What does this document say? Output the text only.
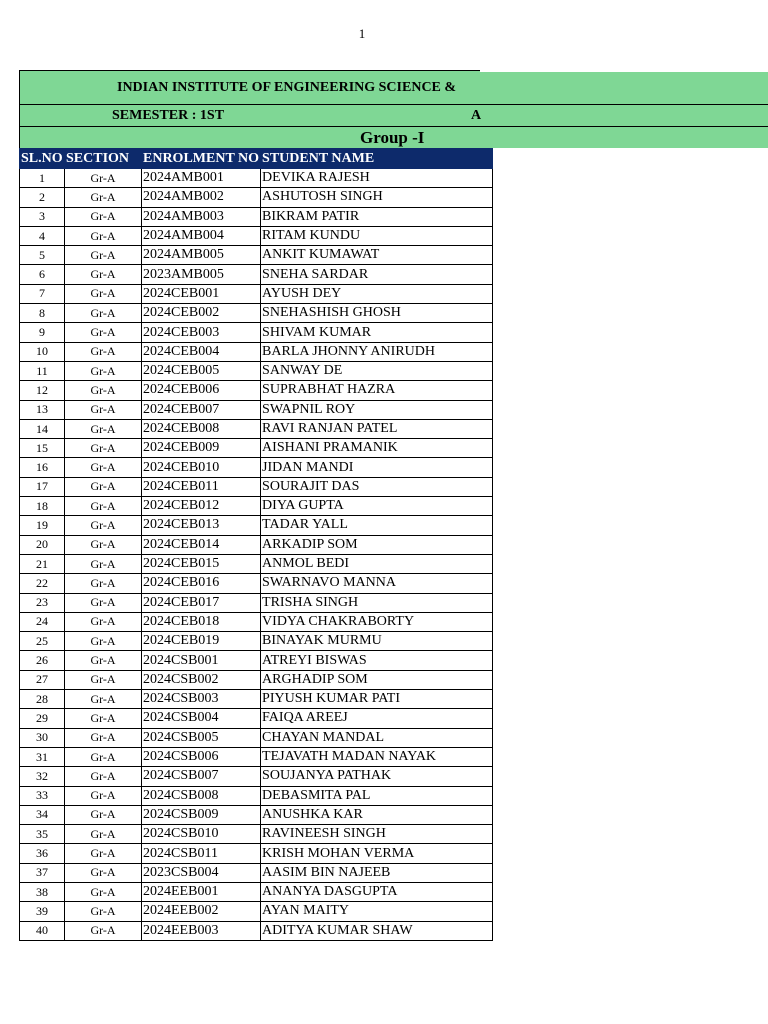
1
INDIAN INSTITUTE OF ENGINEERING SCIENCE &
SEMESTER : 1ST	A
Group -I
SL.NO	SECTION	ENROLMENT NO	STUDENT NAME
1	Gr-A	2024AMB001	DEVIKA RAJESH
2	Gr-A	2024AMB002	ASHUTOSH SINGH
3	Gr-A	2024AMB003	BIKRAM PATIR
4	Gr-A	2024AMB004	RITAM KUNDU
5	Gr-A	2024AMB005	ANKIT KUMAWAT
6	Gr-A	2023AMB005	SNEHA SARDAR
7	Gr-A	2024CEB001	AYUSH DEY
8	Gr-A	2024CEB002	SNEHASHISH GHOSH
9	Gr-A	2024CEB003	SHIVAM KUMAR
10	Gr-A	2024CEB004	BARLA JHONNY ANIRUDH
11	Gr-A	2024CEB005	SANWAY DE
12	Gr-A	2024CEB006	SUPRABHAT HAZRA
13	Gr-A	2024CEB007	SWAPNIL ROY
14	Gr-A	2024CEB008	RAVI RANJAN PATEL
15	Gr-A	2024CEB009	AISHANI PRAMANIK
16	Gr-A	2024CEB010	JIDAN MANDI
17	Gr-A	2024CEB011	SOURAJIT DAS
18	Gr-A	2024CEB012	DIYA GUPTA
19	Gr-A	2024CEB013	TADAR YALL
20	Gr-A	2024CEB014	ARKADIP SOM
21	Gr-A	2024CEB015	ANMOL BEDI
22	Gr-A	2024CEB016	SWARNAVO MANNA
23	Gr-A	2024CEB017	TRISHA SINGH
24	Gr-A	2024CEB018	VIDYA CHAKRABORTY
25	Gr-A	2024CEB019	BINAYAK MURMU
26	Gr-A	2024CSB001	ATREYI BISWAS
27	Gr-A	2024CSB002	ARGHADIP SOM
28	Gr-A	2024CSB003	PIYUSH KUMAR PATI
29	Gr-A	2024CSB004	FAIQA AREEJ
30	Gr-A	2024CSB005	CHAYAN MANDAL
31	Gr-A	2024CSB006	TEJAVATH MADAN NAYAK
32	Gr-A	2024CSB007	SOUJANYA PATHAK
33	Gr-A	2024CSB008	DEBASMITA PAL
34	Gr-A	2024CSB009	ANUSHKA KAR
35	Gr-A	2024CSB010	RAVINEESH SINGH
36	Gr-A	2024CSB011	KRISH MOHAN VERMA
37	Gr-A	2023CSB004	AASIM BIN NAJEEB
38	Gr-A	2024EEB001	ANANYA DASGUPTA
39	Gr-A	2024EEB002	AYAN MAITY
40	Gr-A	2024EEB003	ADITYA KUMAR SHAW
